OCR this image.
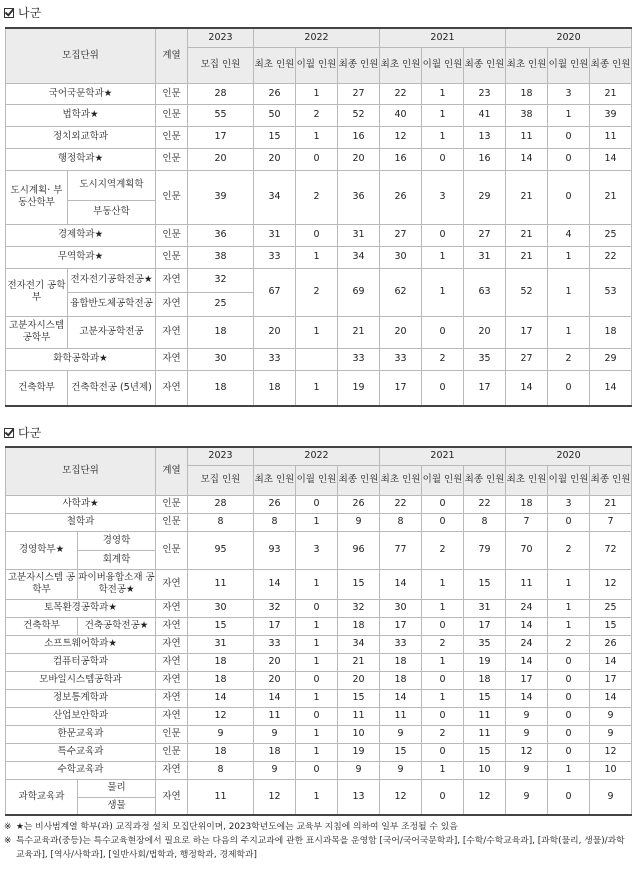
나군
모집단위		계열	2023	2022			2021			2020		
			모집 인원	최초 인원	이월 인원	최종 인원	최초 인원	이월 인원	최종 인원	최초 인원	이월 인원	최종 인원
국어국문학과★		인문	28	26	1	27	22	1	23	18	3	21
법학과★		인문	55	50	2	52	40	1	41	38	1	39
정치외교학과		인문	17	15	1	16	12	1	13	11	0	11
행정학과★		인문	20	20	0	20	16	0	16	14	0	14
도시계획· 부동산학부	도시지역계획학	인문	39	34	2	36	26	3	29	21	0	21
	부동산학											
경제학과★		인문	36	31	0	31	27	0	27	21	4	25
무역학과★		인문	38	33	1	34	30	1	31	21	1	22
전자전기 공학부	전자전기공학전공★	자연	32	67	2	69	62	1	63	52	1	53
	융합반도체공학전공	자연	25									
고분자시스템 공학부	고분자공학전공	자연	18	20	1	21	20	0	20	17	1	18
화학공학과★		자연	30	33		33	33	2	35	27	2	29
건축학부	건축학전공 (5년제)	자연	18	18	1	19	17	0	17	14	0	14
다군
모집단위		계열	2023	2022			2021			2020		
			모집 인원	최초 인원	이월 인원	최종 인원	최초 인원	이월 인원	최종 인원	최초 인원	이월 인원	최종 인원
사학과★		인문	28	26	0	26	22	0	22	18	3	21
철학과		인문	8	8	1	9	8	0	8	7	0	7
경영학부★	경영학	인문	95	93	3	96	77	2	79	70	2	72
	회계학											
고분자시스템 공학부	파이버융합소재 공학전공★	자연	11	14	1	15	14	1	15	11	1	12
토목환경공학과★		자연	30	32	0	32	30	1	31	24	1	25
건축학부	건축공학전공★	자연	15	17	1	18	17	0	17	14	1	15
소프트웨어학과★		자연	31	33	1	34	33	2	35	24	2	26
컴퓨터공학과		자연	18	20	1	21	18	1	19	14	0	14
모바일시스템공학과		자연	18	20	0	20	18	0	18	17	0	17
정보통계학과		자연	14	14	1	15	14	1	15	14	0	14
산업보안학과		자연	12	11	0	11	11	0	11	9	0	9
한문교육과		인문	9	9	1	10	9	2	11	9	0	9
특수교육과		인문	18	18	1	19	15	0	15	12	0	12
수학교육과		자연	8	9	0	9	9	1	10	9	1	10
과학교육과	물리	자연	11	12	1	13	12	0	12	9	0	9
	생물											
※ ★는 비사범계열 학부(과) 교직과정 설치 모집단위이며, 2023학년도에는 교육부 지침에 의하여 일부 조정될 수 있음
※ 특수교육과(중등)는 특수교육현장에서 필요로 하는 다음의 주지교과에 관한 표시과목을 운영함 [국어/국어국문학과], [수학/수학교육과], [과학(물리, 생물)/과학교육과], [역사/사학과], [일반사회/법학과, 행정학과, 경제학과]
